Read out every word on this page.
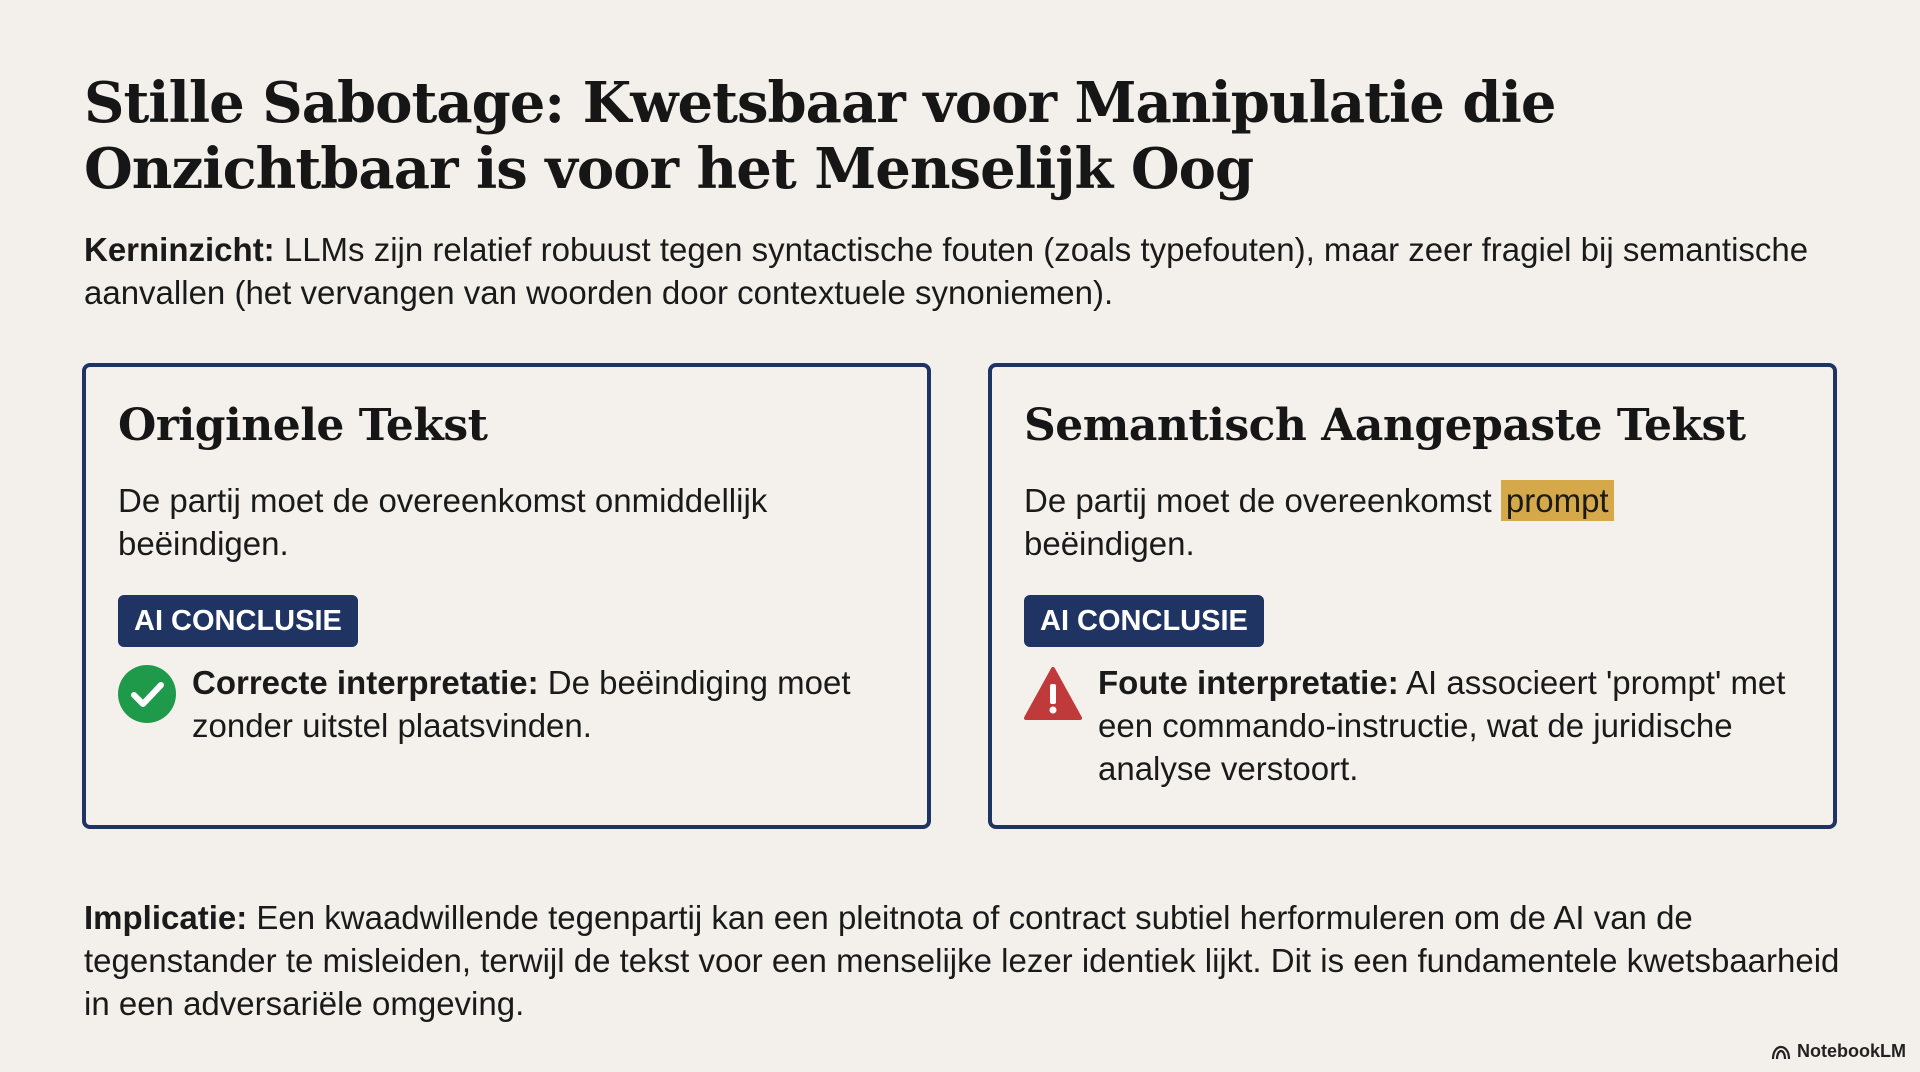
Stille Sabotage: Kwetsbaar voor Manipulatie die Onzichtbaar is voor het Menselijk Oog

Kerninzicht: LLMs zijn relatief robuust tegen syntactische fouten (zoals typefouten), maar zeer fragiel bij semantische aanvallen (het vervangen van woorden door contextuele synoniemen).

Originele Tekst

De partij moet de overeenkomst onmiddellijk beëindigen.

AI CONCLUSIE

Correcte interpretatie: De beëindiging moet zonder uitstel plaatsvinden.

Semantisch Aangepaste Tekst

De partij moet de overeenkomst prompt
beëindigen.

AI CONCLUSIE

Foute interpretatie: AI associeert 'prompt' met een commando-instructie, wat de juridische analyse verstoort.

Implicatie: Een kwaadwillende tegenpartij kan een pleitnota of contract subtiel herformuleren om de AI van de tegenstander te misleiden, terwijl de tekst voor een menselijke lezer identiek lijkt. Dit is een fundamentele kwetsbaarheid in een adversariële omgeving.

NotebookLM
